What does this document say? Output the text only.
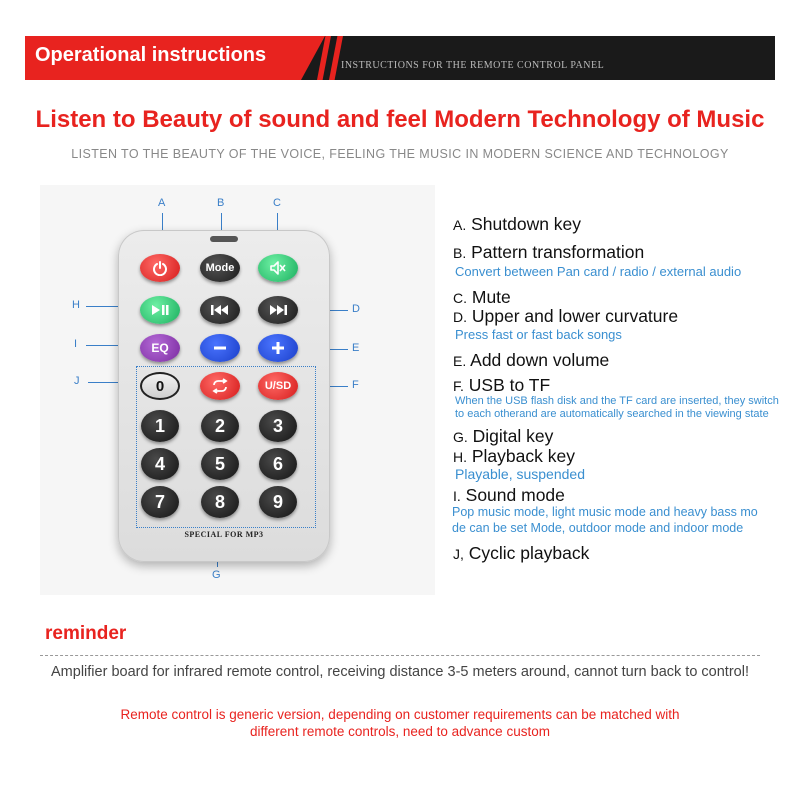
Operational instructions	INSTRUCTIONS FOR THE REMOTE CONTROL PANEL
Listen to Beauty of sound and feel Modern Technology of Music
LISTEN TO THE BEAUTY OF THE VOICE, FEELING THE MUSIC IN MODERN SCIENCE AND TECHNOLOGY
A	B	C
H	D
I	E
J	F
G
Mode
EQ
0	U/SD
1	2	3
4	5	6
7	8	9
SPECIAL FOR MP3
A. Shutdown key
B. Pattern transformation
Convert between Pan card / radio / external audio
C. Mute
D. Upper and lower curvature
Press fast or fast back songs
E. Add down volume
F. USB to TF
When the USB flash disk and the TF card are inserted, they switch
to each otherand are automatically searched in the viewing state
G. Digital key
H. Playback key
Playable, suspended
I. Sound mode
Pop music mode, light music mode and heavy bass mo
de can be set Mode, outdoor mode and indoor mode
J, Cyclic playback
reminder
Amplifier board for infrared remote control, receiving distance 3-5 meters around, cannot turn back to control!
Remote control is generic version, depending on customer requirements can be matched with
different remote controls, need to advance custom
